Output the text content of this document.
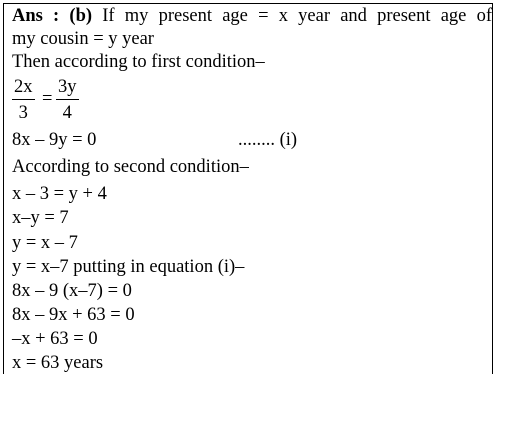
Ans : (b) If my present age = x year and present age of
my cousin = y year
Then according to first condition–
2x
3
=
3y
4
8x – 9y = 0	........ (i)
According to second condition–
x – 3 = y + 4
x–y = 7
y = x – 7
y = x–7 putting in equation (i)–
8x – 9 (x–7) = 0
8x – 9x + 63 = 0
–x + 63 = 0
x = 63 years
